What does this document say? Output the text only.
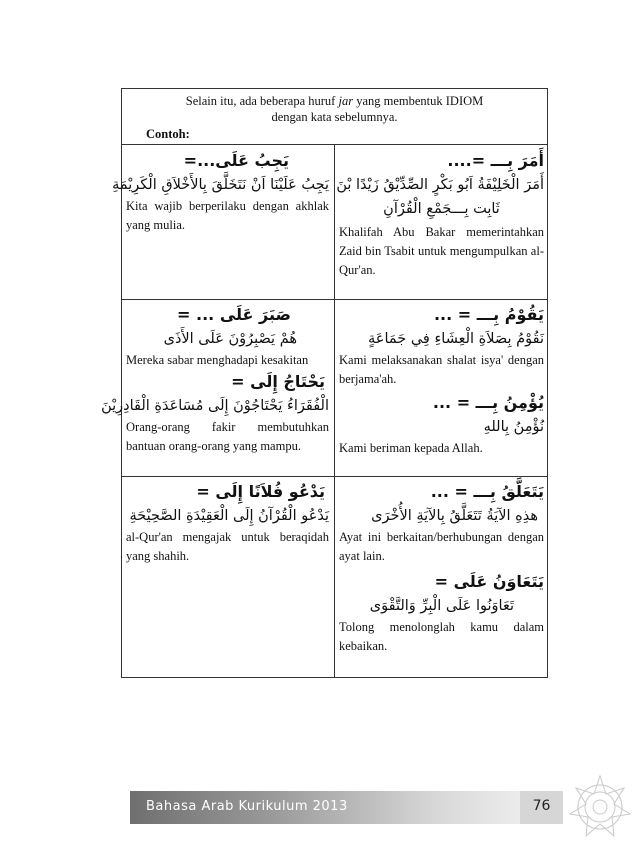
Selain itu, ada beberapa huruf jar yang membentuk IDIOM
dengan kata sebelumnya.
Contoh:
أَمَرَ بِـــ =....
أَمَرَ الْخَلِيْفَةُ اَبُو بَكْرٍ الصِّدِّيْقُ زَيْدًا بْنَ
ثَابِت بِـــجَمْعِ الْقُرْآنِ
Khalifah Abu Bakar memerintahkan Zaid bin Tsabit untuk mengumpulkan al-Qur'an.
يَجِبُ عَلَى...=
يَجِبُ عَلَيْنَا اَنْ نَتَخَلَّقَ بِالأَخْلاَقِ الْكَرِيْمَةِ
Kita wajib berperilaku dengan akhlak yang mulia.
يَقُوْمُ بِـــ = ...
نَقُوْمُ بِصَلاَةِ الْعِشَاءِ فِي جَمَاعَةٍ
Kami melaksanakan shalat isya' dengan berjama'ah.
يُؤْمِنُ بِـــ = ...
نُؤْمِنُ بِاللهِ
Kami beriman kepada Allah.
صَبَرَ عَلَى ... =
هُمْ يَصْبِرُوْنَ عَلَى الأَذَى
Mereka sabar menghadapi kesakitan
يَحْتَاجُ إِلَى =
الْفُقَرَاءُ يَحْتَاجُوْنَ إِلَى مُسَاعَدَةِ الْقَادِرِيْنَ
Orang-orang fakir membutuhkan bantuan orang-orang yang mampu.
يَتَعَلَّقُ بِـــ = ...
هذِهِ الآيَةُ تَتَعَلَّقُ بِالآيَةِ الأُخْرَى
Ayat ini berkaitan/berhubungan dengan ayat lain.
يَتَعَاوَنُ عَلَى =
تَعَاوَنُوا عَلَى الْبِرِّ وَالتَّقْوَى
Tolong menolonglah kamu dalam kebaikan.
يَدْعُو فُلاَنًا إِلَى =
يَدْعُو الْقُرْآنُ إِلَى الْعَقِيْدَةِ الصَّحِيْحَةِ
al-Qur'an mengajak untuk beraqidah yang shahih.
Bahasa Arab Kurikulum 2013	76
